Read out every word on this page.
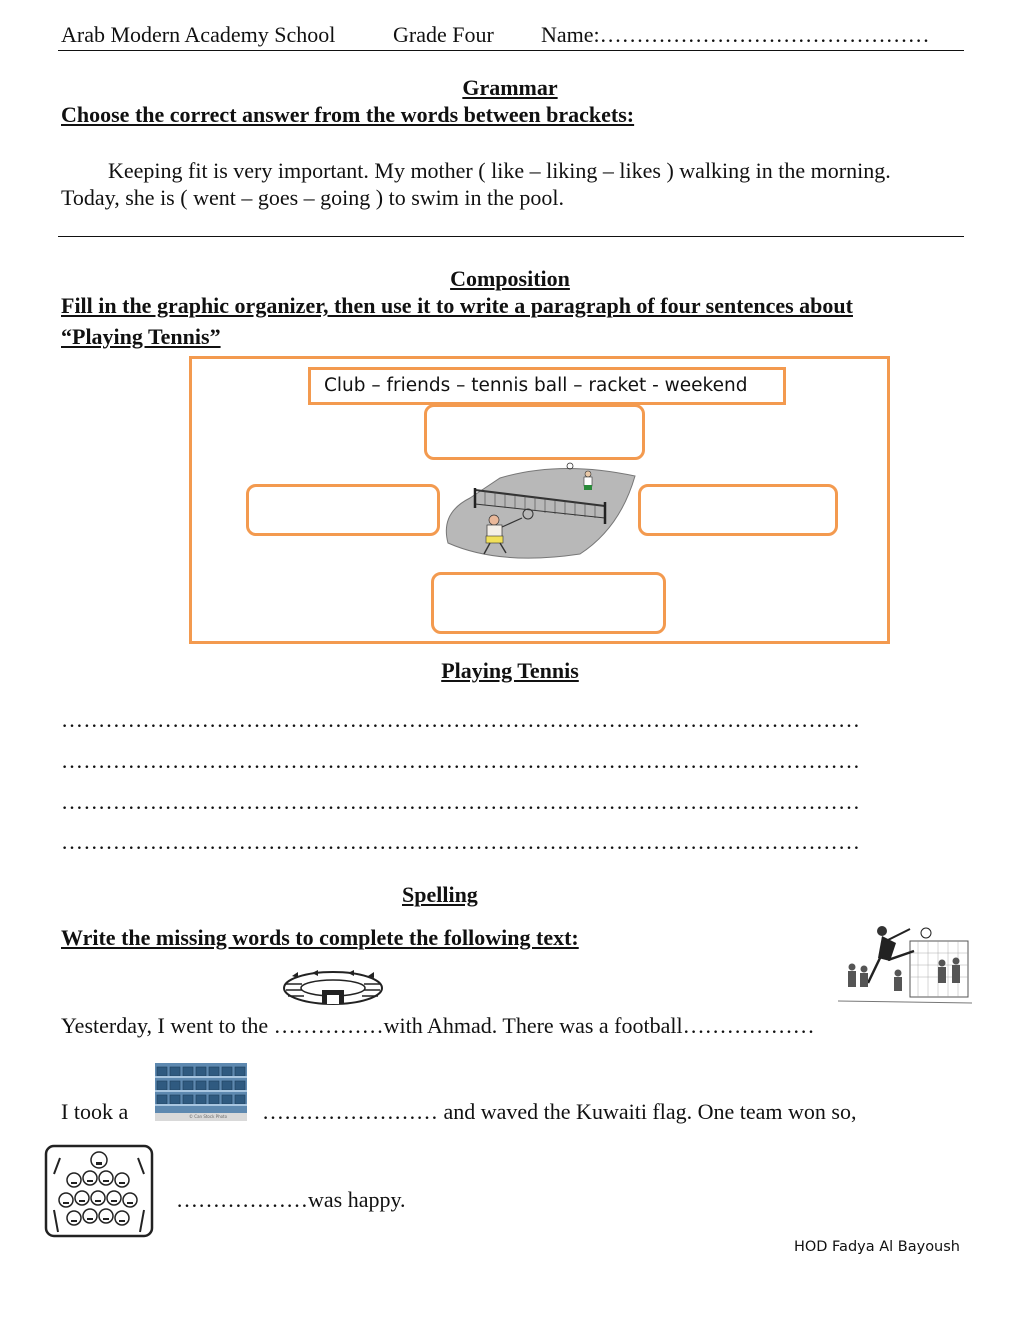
Arab Modern Academy School	Grade Four Name:………………………………………
Grammar
Choose the correct answer from the words between brackets:
Keeping fit is very important. My mother ( like – liking – likes ) walking in the morning.
Today, she is ( went – goes – going ) to swim in the pool.
Composition
Fill in the graphic organizer, then use it to write a paragraph of four sentences about
“Playing Tennis”
Club – friends – tennis ball – racket - weekend
Playing Tennis
………………………………………………………………………………………………
………………………………………………………………………………………………
………………………………………………………………………………………………
………………………………………………………………………………………………
Spelling
Write the missing words to complete the following text:
Yesterday, I went to the ……………with Ahmad. There was a football………………
I took a	© Can Stock Photo …………………… and waved the Kuwaiti flag. One team won so,
………………was happy.
HOD Fadya Al Bayoush
